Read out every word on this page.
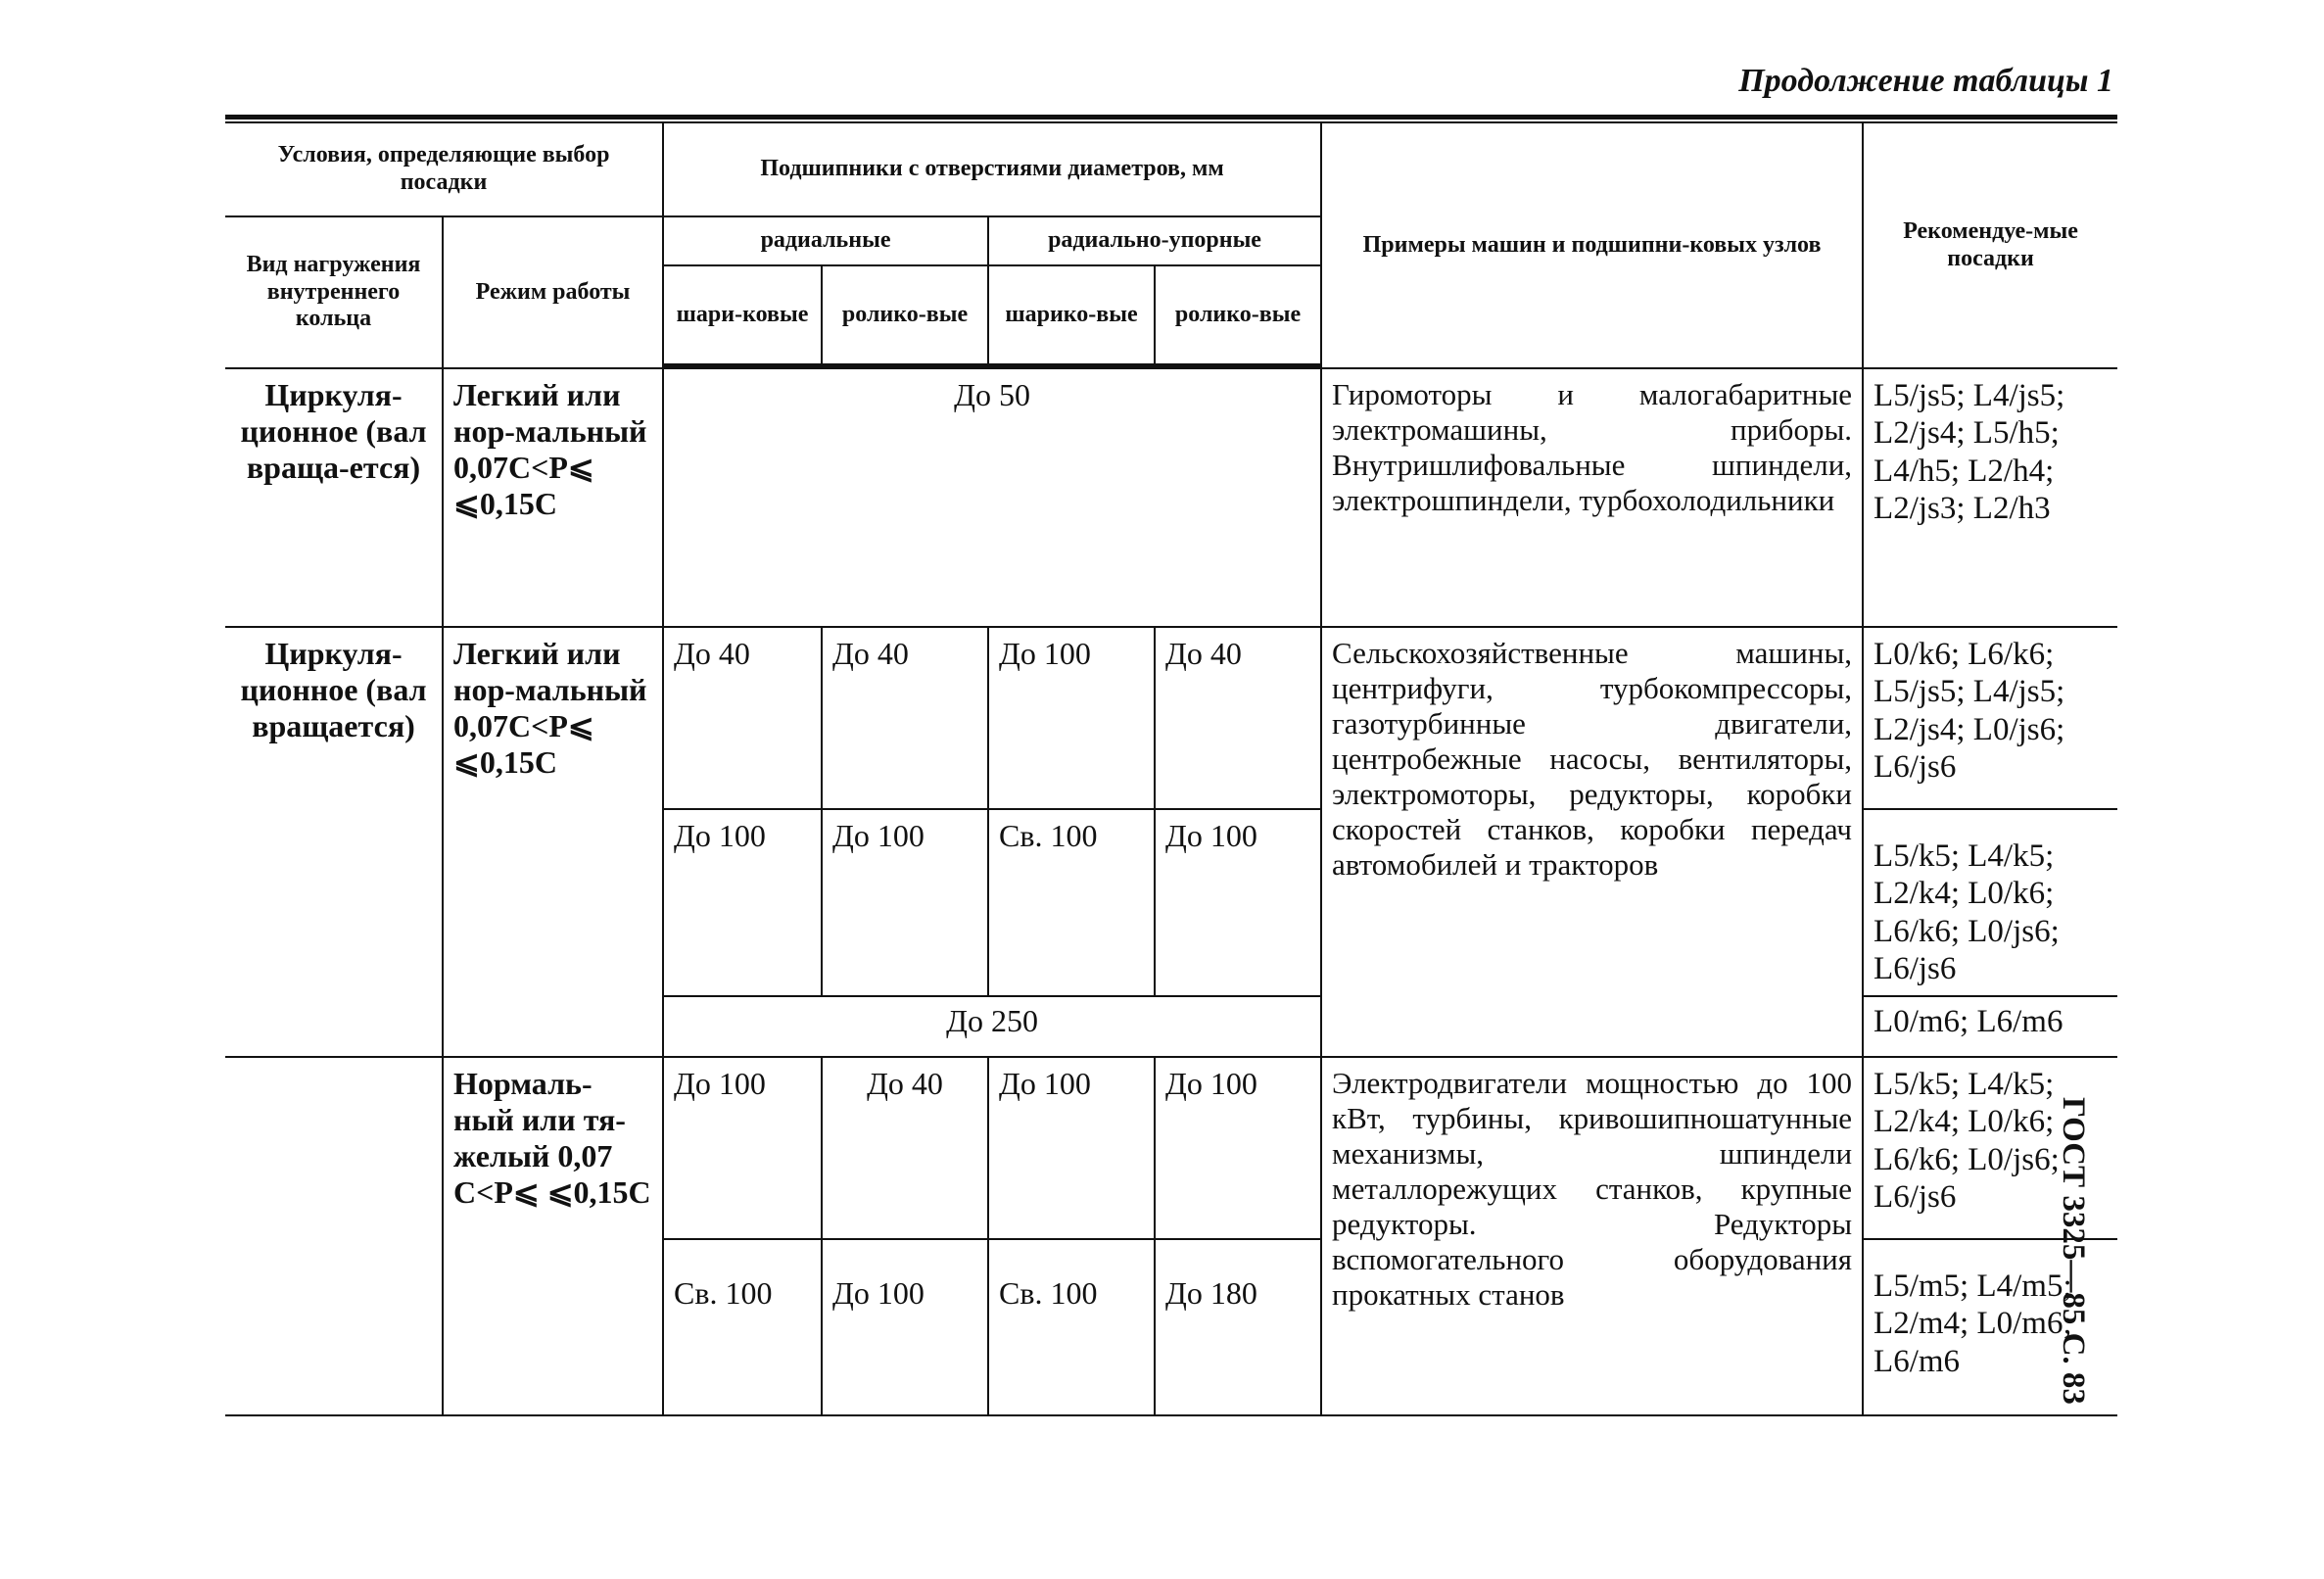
Продолжение таблицы 1
ГОСТ 3325—85 С. 83
Условия, определяющие выбор посадки		Подшипники с отверстиями диаметров, мм				Примеры машин и подшипни-ковых узлов	Рекомендуе-мые посадки
Вид нагружения внутреннего кольца	Режим работы	радиальные		радиально-упорные			
		шари-ковые	ролико-вые	шарико-вые	ролико-вые		

Циркуля-ционное (вал враща-ется)	Легкий или нор-мальный 0,07C<P⩽ ⩽0,15C	До 50				Гиромоторы и малогабаритные электромашины, приборы. Внутришлифовальные шпиндели, электрошпиндели, турбохолодильники	L5/js5; L4/js5; L2/js4; L5/h5; L4/h5; L2/h4; L2/js3; L2/h3
Циркуля-ционное (вал вращается)	Легкий или нор-мальный 0,07C<P⩽ ⩽0,15C	До 40	До 40	До 100	До 40	Сельскохозяйственные машины, центрифуги, турбокомпрессоры, газотурбинные двигатели, центробежные насосы, вентиляторы, электромоторы, редукторы, коробки скоростей станков, коробки передач автомобилей и тракторов	L0/k6; L6/k6; L5/js5; L4/js5; L2/js4; L0/js6; L6/js6
		До 100	До 100	Св. 100	До 100		L5/k5; L4/k5; L2/k4; L0/k6; L6/k6; L0/js6; L6/js6
		До 250					L0/m6; L6/m6
	Нормаль-ный или тя-желый 0,07 C<P⩽ ⩽0,15C	До 100	До 40	До 100	До 100	Электродвигатели мощностью до 100 кВт, турбины, кривошипношатунные механизмы, шпиндели металлорежущих станков, крупные редукторы. Редукторы вспомогательного оборудования прокатных станов	L5/k5; L4/k5; L2/k4; L0/k6; L6/k6; L0/js6; L6/js6
		Св. 100	До 100	Св. 100	До 180		L5/m5; L4/m5; L2/m4; L0/m6; L6/m6
